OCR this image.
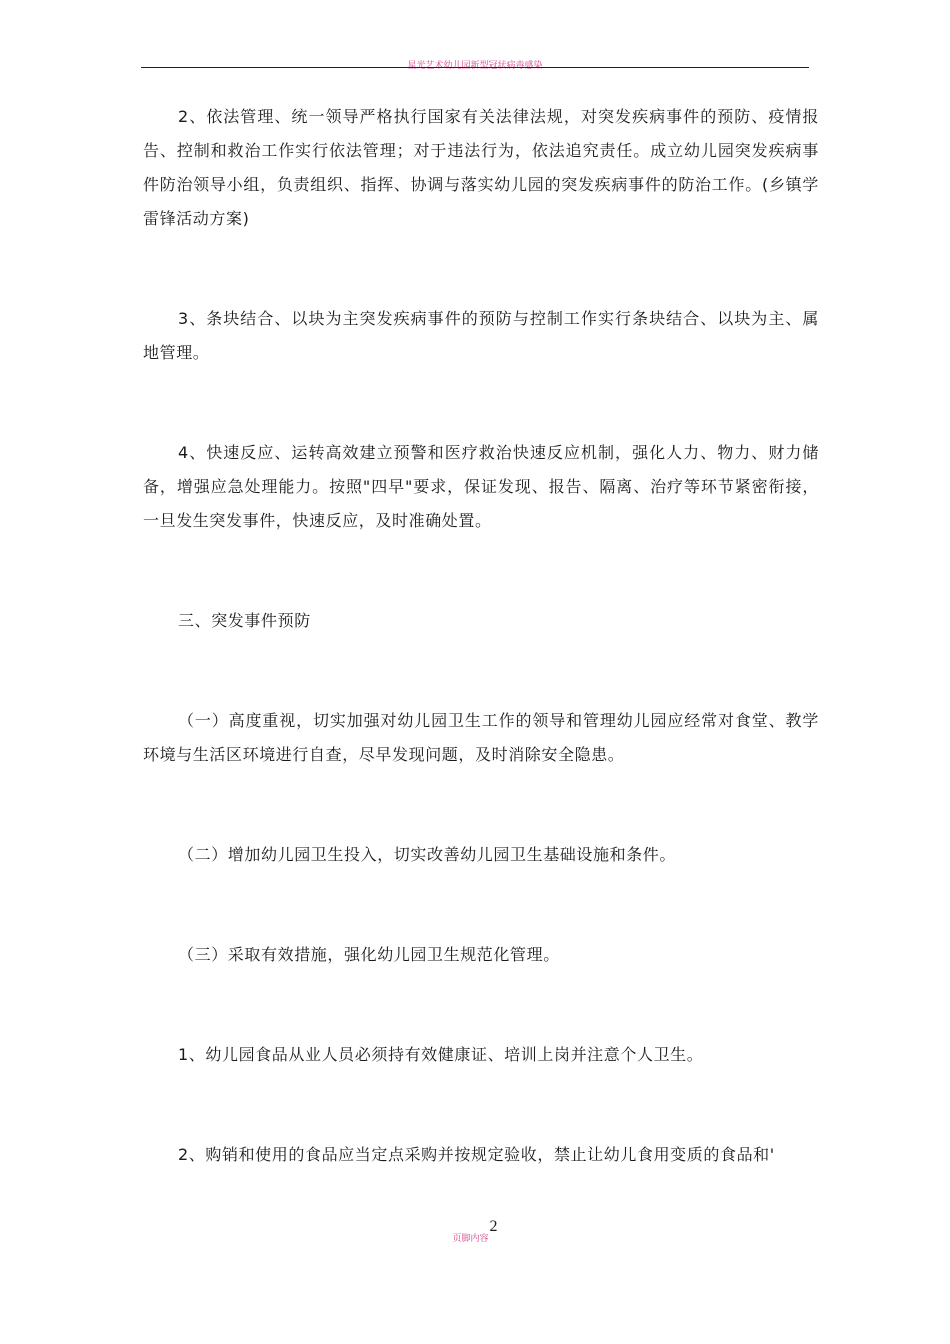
星光艺术幼儿园新型冠状病毒感染

2、依法管理、统一领导严格执行国家有关法律法规，对突发疾病事件的预防、疫情报告、控制和救治工作实行依法管理；对于违法行为，依法追究责任。成立幼儿园突发疾病事件防治领导小组，负责组织、指挥、协调与落实幼儿园的突发疾病事件的防治工作。(乡镇学雷锋活动方案)

3、条块结合、以块为主突发疾病事件的预防与控制工作实行条块结合、以块为主、属地管理。

4、快速反应、运转高效建立预警和医疗救治快速反应机制，强化人力、物力、财力储备，增强应急处理能力。按照"四早"要求，保证发现、报告、隔离、治疗等环节紧密衔接，一旦发生突发事件，快速反应，及时准确处置。

三、突发事件预防

（一）高度重视，切实加强对幼儿园卫生工作的领导和管理幼儿园应经常对食堂、教学环境与生活区环境进行自查，尽早发现问题，及时消除安全隐患。

（二）增加幼儿园卫生投入，切实改善幼儿园卫生基础设施和条件。

（三）采取有效措施，强化幼儿园卫生规范化管理。

1、幼儿园食品从业人员必须持有效健康证、培训上岗并注意个人卫生。

2、购销和使用的食品应当定点采购并按规定验收，禁止让幼儿食用变质的食品和'

$_{页脚内容}$2
